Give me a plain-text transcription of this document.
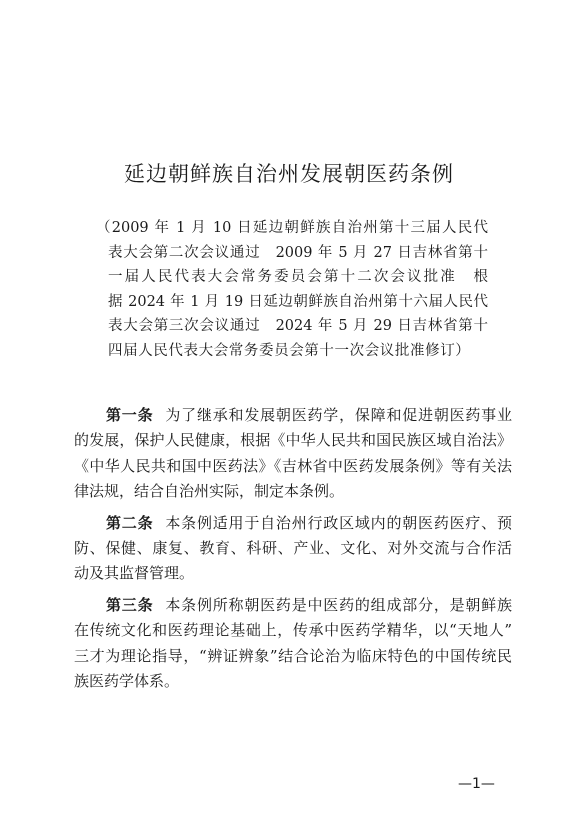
延边朝鲜族自治州发展朝医药条例
（2009 年 1 月 10 日延边朝鲜族自治州第十三届人民代
表大会第二次会议通过　2009 年 5 月 27 日吉林省第十
一届人民代表大会常务委员会第十二次会议批准　根
据 2024 年 1 月 19 日延边朝鲜族自治州第十六届人民代
表大会第三次会议通过　2024 年 5 月 29 日吉林省第十
四届人民代表大会常务委员会第十一次会议批准修订）
第一条 为了继承和发展朝医药学，保障和促进朝医药事业
的发展，保护人民健康，根据《中华人民共和国民族区域自治法》
《中华人民共和国中医药法》《吉林省中医药发展条例》等有关法
律法规，结合自治州实际，制定本条例。
第二条 本条例适用于自治州行政区域内的朝医药医疗、预
防、保健、康复、教育、科研、产业、文化、对外交流与合作活
动及其监督管理。
第三条 本条例所称朝医药是中医药的组成部分，是朝鲜族
在传统文化和医药理论基础上，传承中医药学精华，以“天地人”
三才为理论指导，“辨证辨象”结合论治为临床特色的中国传统民
族医药学体系。
—1—
